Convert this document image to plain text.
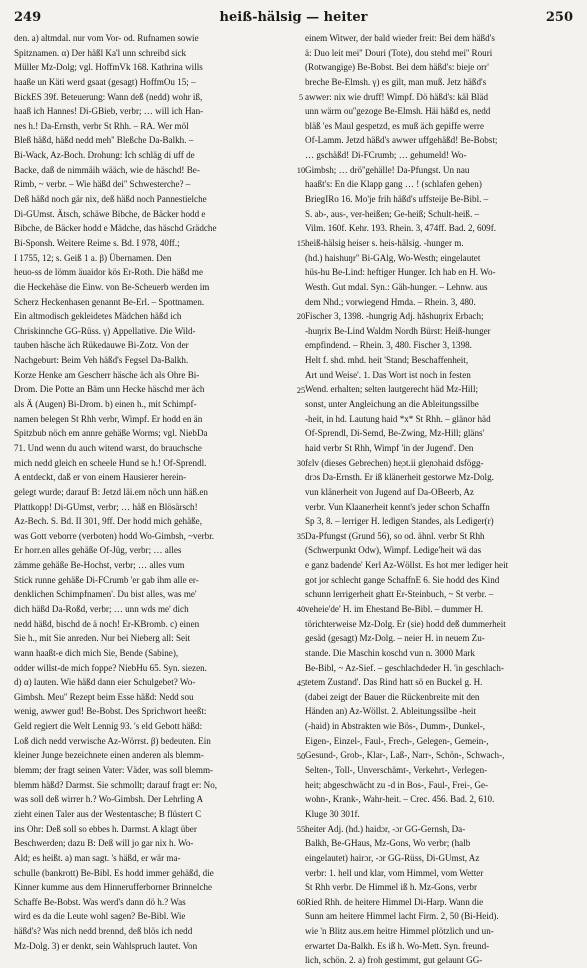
249	heiß-hälsig — heiter	250
den. a) altmdal. nur vom Vor- od. Rufnamen sowie
Spitznamen. α) Der häßl Ka'l unn schreibd sick
Müller Mz-Dolg; vgl. HoffmVk 168. Kathrina wills
haaße un Käti werd gsaat (gesagt) HoffmOu 15; –
BickES 39f. Beteuerung: Wann deß (nedd) wohr iß,
haaß ich Hannes! Di-GBieb, verbr; … will ich Han-
nes h.! Da-Ernsth, verbr St Rhh. – RA. Wer möl
Bleß häßd, häßd nedd meh'' Bleßche Da-Balkh. –
Bi-Wack, Az-Boch. Drohung: Ich schläg di uff de
Backe, daß de nimmäih wääch, wie de häschd! Be-
Rimb, ~ verbr. – Wie häßd dei'' Schwesterche? –
Deß häßd noch gär nix, deß häßd noch Pannestielche
Di-GUmst. Ätsch, schäwe Bibche, de Bäcker hodd e
Bibche, de Bäcker hodd e Mädche, das häschd Grädche
Bi-Sponsh. Weitere Reime s. Bd. I 978, 40ff.;
I 1755, 12; s. Geiß 1 a. β) Übernamen. Den
heuo-ss de lömm äuaidor kös Er-Roth. Die häßd me
die Heckehäse die Einw. von Be-Scheuerb werden im
Scherz Heckenhasen genannt Be-Erl. – Spottnamen.
Ein altmodisch gekleidetes Mädchen häßd ich
Chriskinnche GG-Rüss. γ) Appellative. Die Wild-
tauben häsche äch Rükedauwe Bi-Zotz. Von der
Nachgeburt: Beim Veh häßd's Fegsel Da-Balkh.
Korze Henke am Gescherr häsche äch als Ohre Bi-
Drom. Die Potte an Bäm unn Hecke häschd mer äch
als Ä (Augen) Bi-Drom. b) einen h., mit Schimpf-
namen belegen St Rhh verbr, Wimpf. Er hodd en än
Spitzbub nöch em annre gehäße Worms; vgl. NiebDa
71. Und wenn du auch witend warst, do brauchsche
mich nedd gleich en scheele Hund se h.! Of-Sprendl.
A entdeckt, daß er von einem Hausierer herein-
gelegt wurde; darauf B: Jetzd läi.em nöch unn häß.en
Plattkopp! Di-GUmst, verbr; … häß en Blösärsch!
Az-Bech. S. Bd. II 301, 9ff. Der hodd mich gehäße,
was Gott veborre (verboten) hodd Wo-Gimbsh, ~verbr.
Er horr.en alles gehäße Of-Jüg, verbr; … alles
zämme gehäße Be-Hochst, verbr; … alles vum
Stick runne gehäße Di-FCrumb 'er gab ihm alle er-
denklichen Schimpfnamen'. Du bist alles, was me'
dich häßd Da-Roßd, verbr; … unn wds me' dich
nedd häßd, bischd de ä noch! Er-KBromb. c) einen
Sie h., mit Sie anreden. Nur bei Nieberg all: Seit
wann haaßt-e dich mich Sie, Bende (Sabine),
odder willst-de mich foppe? NiebHu 65. Syn. siezen.
d) α) lauten. Wie häßd dann eier Schulgebet? Wo-
Gimbsh. Meu'' Rezept beim Esse häßd: Nedd sou
wenig, awwer gud! Be-Bobst. Des Sprichwort heeßt:
Geld regiert die Welt Lennig 93. 's eld Gebott häßd:
Loß dich nedd verwische Az-Wörrst. β) bedeuten. Ein
kleiner Junge bezeichnete einen anderen als blemm-
blemm; der fragt seinen Vater: Väder, was soll blemm-
blemm häßd? Darmst. Sie schmollt; darauf fragt er: No,
was soll deß wirrer h.? Wo-Gimbsh. Der Lehrling A
zieht einen Taler aus der Westentasche; B flüstert C
ins Ohr: Deß soll so ebbes h. Darmst. A klagt über
Beschwerden; dazu B: Deß will jo gar nix h. Wo-
Ald; es heißt. a) man sagt. 's häßd, er wär ma-
schulle (bankrott) Be-Bibl. Es hodd immer gehäßd, die
Kinner kumme aus dem Hinnerufferborner Brinnelche
Schaffe Be-Bobst. Was werd's dann dö h.? Was
wird es da die Leute wohl sagen? Be-Bibl. Wie
häßd's? Was nich nedd brennd, deß blös ich nedd
Mz-Dolg. 3) er denkt, sein Wahlspruch lautet. Von
5
10
15
20
25
30
35
40
45
50
55
60
einem Witwer, der bald wieder freit: Bei dem häßd's
ä: Duo leit mei'' Douri (Tote), dou stehd mei'' Rouri
(Rotwangige) Be-Bobst. Bei dem häßd's: bieje orr'
breche Be-Elmsh. γ) es gilt, man muß. Jetz häßd's
awwer: nix wie druff! Wimpf. Dö häßd's: käl Bläd
unn wärm ou''gezoge Be-Elmsh. Häi häßd es, nedd
bläß 'es Maul gespetzd, es muß äch gepiffe werre
Of-Lamm. Jetzd häßd's awwer uffgehäßd! Be-Bobst;
… gschäßd! Di-FCrumb; … gehumeld! Wo-
Gimbsh; … drö''gehälle! Da-Pfungst. Un nau
haaßt's: En die Klapp gang … ! (schlafen gehen)
BriegIRo 16. Mo'je frih häßd's uffsteije Be-Bibl. –
S. ab-, aus-, ver-heißen; Ge-heiß; Schult-heiß. –
Vilm. 160f. Kehr. 193. Rhein. 3, 474ff. Bad. 2, 609f.
heiß-hälsig heiser s. heis-hälsig. -hunger m.
(hd.) haishuŋr'' Bi-GAlg, Wo-Westh; eingelautet
hüs-hu Be-Lind: heftiger Hunger. Ich hab en H. Wo-
Westh. Gut mdal. Syn.: Gäh-hunger. – Lehnw. aus
dem Nhd.; vorwiegend Hmda. – Rhein. 3, 480.
Fischer 3, 1398. -hungrig Adj. hǎshuŋrix Erbach;
-huŋrix Be-Lind Waldm Nordh Bürst: Heiß-hunger
empfindend. – Rhein. 3, 480. Fischer 3, 1398.
Helt f. shd. mhd. heit 'Stand; Beschaffenheit,
Art und Weise'. 1. Das Wort ist noch in festen
Wend. erhalten; selten lautgerecht häd Mz-Hill;
sonst, unter Angleichung an die Ableitungssilbe
-heit, in hd. Lautung haid *x* St Rhh. – glänor häd
Of-Sprendl, Di-Semd, Be-Zwing, Mz-Hill; gläns'
haid verbr St Rhh, Wimpf 'in der Jugend'. Den
fɛlv (dieses Gebrechen) he̜ɔt.ii gle̜nɔhaid dsfögg-
drɔs Da-Ernsth. Er iß klänerheit gestorwe Mz-Dolg.
vun klänerheit von Jugend auf Da-OBeerb, Az
verbr. Vun Klaanerheit kennt's jeder schon Schaffn
Sp 3, 8. – lerriger H. ledigen Standes, als Lediger(r)
Da-Pfungst (Grund 56), so od. ähnl. verbr St Rhh
(Schwerpunkt Odw), Wimpf. Ledige'heit wä das
e ganz badende' Kerl Az-Wöllst. Es hot mer lediger heit
got jor schlecht gange SchaffnE 6. Sie hodd des Kind
schunn lerrigerheit ghatt Er-Steinbuch, ~ St verbr. –
veheie'de' H. im Ehestand Be-Bibl. – dummer H.
törichterweise Mz-Dolg. Er (sie) hodd deß dummerheit
gesäd (gesagt) Mz-Dolg. – neier H. in neuem Zu-
stande. Die Maschin koschd vun n. 3000 Mark
Be-Bibl, ~ Az-Sief. – geschlachdeder H. 'in geschlach-
tetem Zustand'. Das Rind hatt sö en Buckel g. H.
(dabei zeigt der Bauer die Rückenbreite mit den
Händen an) Az-Wöllst. 2. Ableitungssilbe -heit
(-haid) in Abstrakten wie Bös-, Dumm-, Dunkel-,
Eigen-, Einzel-, Faul-, Frech-, Gelegen-, Gemein-,
Gesund-, Grob-, Klar-, Laß-, Narr-, Schön-, Schwach-,
Selten-, Toll-, Unverschämt-, Verkehrt-, Verlegen-
heit; abgeschwächt zu -d in Bos-, Faul-, Frei-, Ge-
wohn-, Krank-, Wahr-heit. – Crec. 456. Bad. 2, 610.
Kluge 30 301f.
heiter Adj. (hd.) haidɔr, -ɔr GG-Gernsh, Da-
Balkh, Be-GHaus, Mz-Gons, Wo verbr; (halb
eingelautet) hairɔr, -ɔr GG-Rüss, Di-GUmst, Az
verbr: 1. hell und klar, vom Himmel, vom Wetter
St Rhh verbr. De Himmel iß h. Mz-Gons, verbr
Ried Rhh. de heitere Himmel Di-Harp. Wann die
Sunn am heitere Himmel lacht Firm. 2, 50 (Bi-Heid).
wie 'n Blitz aus.em heitre Himmel plötzlich und un-
erwartet Da-Balkh. Es iß h. Wo-Mett. Syn. freund-
lich, schön. 2. a) froh gestimmt, gut gelaunt GG-
